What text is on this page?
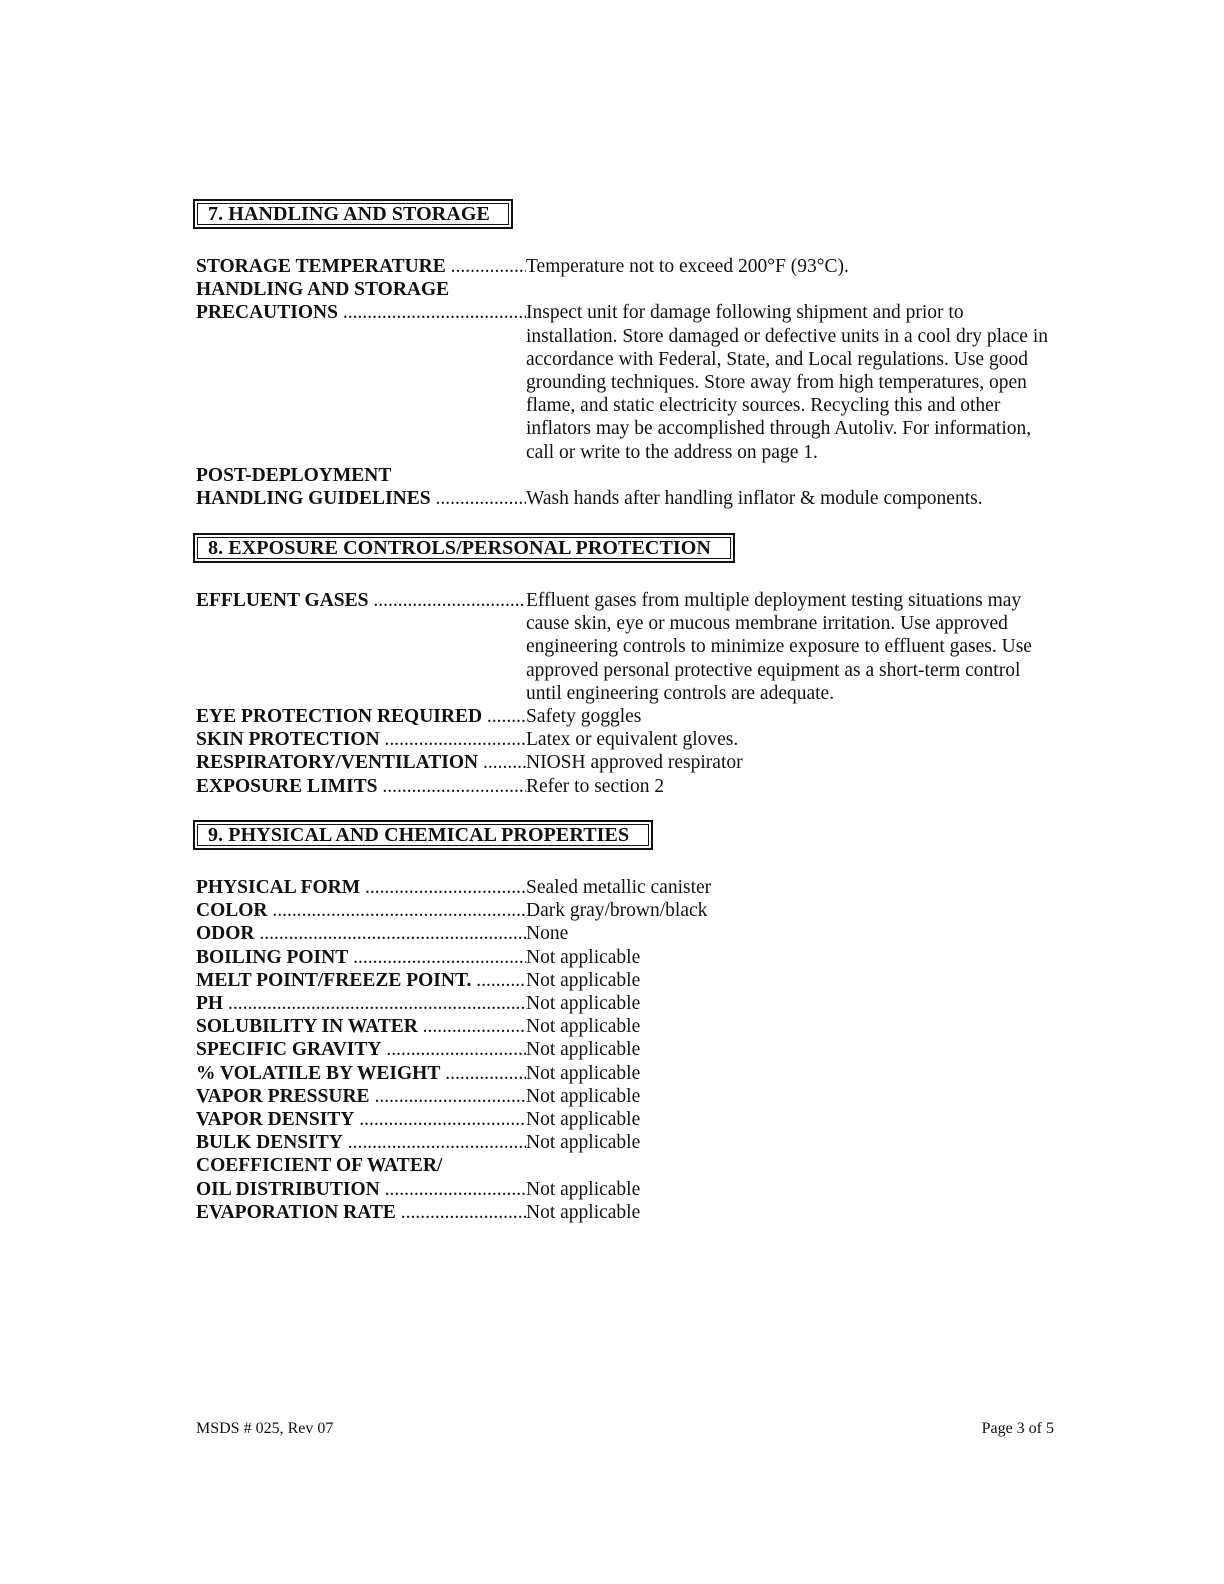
7. HANDLING AND STORAGE
STORAGE TEMPERATURE .....	Temperature not to exceed 200°F (93°C).
HANDLING AND STORAGE
PRECAUTIONS .....	Inspect unit for damage following shipment and prior to installation. Store damaged or defective units in a cool dry place in accordance with Federal, State, and Local regulations. Use good grounding techniques. Store away from high temperatures, open flame, and static electricity sources. Recycling this and other inflators may be accomplished through Autoliv. For information, call or write to the address on page 1.
POST-DEPLOYMENT
HANDLING GUIDELINES .....	Wash hands after handling inflator & module components.
8. EXPOSURE CONTROLS/PERSONAL PROTECTION
EFFLUENT GASES .....	Effluent gases from multiple deployment testing situations may cause skin, eye or mucous membrane irritation. Use approved engineering controls to minimize exposure to effluent gases. Use approved personal protective equipment as a short-term control until engineering controls are adequate.
EYE PROTECTION REQUIRED .....	Safety goggles
SKIN PROTECTION .....	Latex or equivalent gloves.
RESPIRATORY/VENTILATION .....	NIOSH approved respirator
EXPOSURE LIMITS .....	Refer to section 2
9. PHYSICAL AND CHEMICAL PROPERTIES
PHYSICAL FORM .....	Sealed metallic canister
COLOR .....	Dark gray/brown/black
ODOR .....	None
BOILING POINT .....	Not applicable
MELT POINT/FREEZE POINT. .....	Not applicable
PH .....	Not applicable
SOLUBILITY IN WATER .....	Not applicable
SPECIFIC GRAVITY .....	Not applicable
% VOLATILE BY WEIGHT .....	Not applicable
VAPOR PRESSURE .....	Not applicable
VAPOR DENSITY .....	Not applicable
BULK DENSITY .....	Not applicable
COEFFICIENT OF WATER/
OIL DISTRIBUTION .....	Not applicable
EVAPORATION RATE .....	Not applicable
MSDS # 025, Rev 07	Page 3 of 5
